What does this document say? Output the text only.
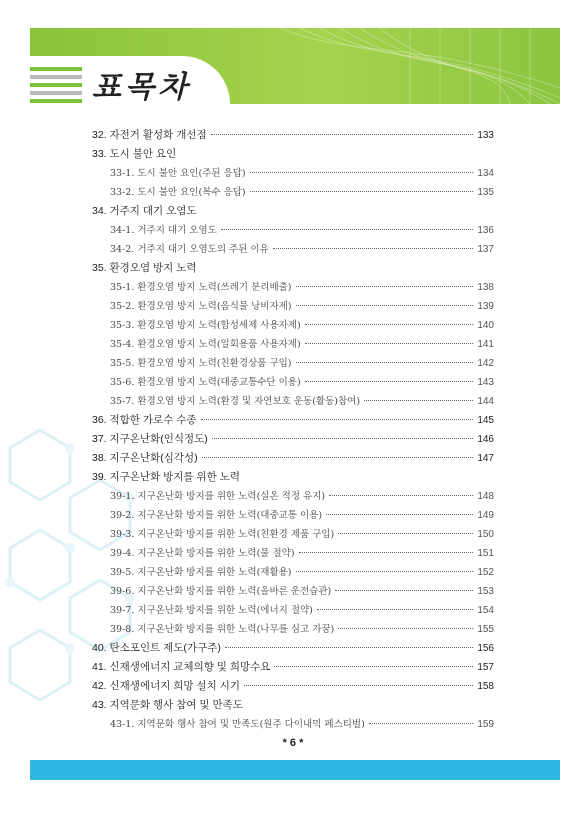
표목차
32. 자전거 활성화 개선점	133
33. 도시 불안 요인
33-1. 도시 불안 요인(주된 응답)	134
33-2. 도시 불안 요인(복수 응답)	135
34. 거주지 대기 오염도
34-1. 거주지 대기 오염도	136
34-2. 거주지 대기 오염도의 주된 이유	137
35. 환경오염 방지 노력
35-1. 환경오염 방지 노력(쓰레기 분리배출)	138
35-2. 환경오염 방지 노력(음식물 낭비자제)	139
35-3. 환경오염 방지 노력(합성세제 사용자제)	140
35-4. 환경오염 방지 노력(일회용품 사용자제)	141
35-5. 환경오염 방지 노력(친환경상품 구입)	142
35-6. 환경오염 방지 노력(대중교통수단 이용)	143
35-7. 환경오염 방지 노력(환경 및 자연보호 운동(활동)참여)	144
36. 적합한 가로수 수종	145
37. 지구온난화(인식정도)	146
38. 지구온난화(심각성)	147
39. 지구온난화 방지를 위한 노력
39-1. 지구온난화 방지를 위한 노력(실온 적정 유지)	148
39-2. 지구온난화 방지를 위한 노력(대중교통 이용)	149
39-3. 지구온난화 방지를 위한 노력(친환경 제품 구입)	150
39-4. 지구온난화 방지를 위한 노력(물 절약)	151
39-5. 지구온난화 방지를 위한 노력(재활용)	152
39-6. 지구온난화 방지를 위한 노력(올바른 운전습관)	153
39-7. 지구온난화 방지를 위한 노력(에너지 절약)	154
39-8. 지구온난화 방지를 위한 노력(나무를 심고 가꿈)	155
40. 탄소포인트 제도(가구주)	156
41. 신재생에너지 교체의향 및 희망수요	157
42. 신재생에너지 희망 설치 시기	158
43. 지역문화 행사 참여 및 만족도
43-1. 지역문화 행사 참여 및 만족도(원주 다이내믹 페스티벌)	159
* 6 *
